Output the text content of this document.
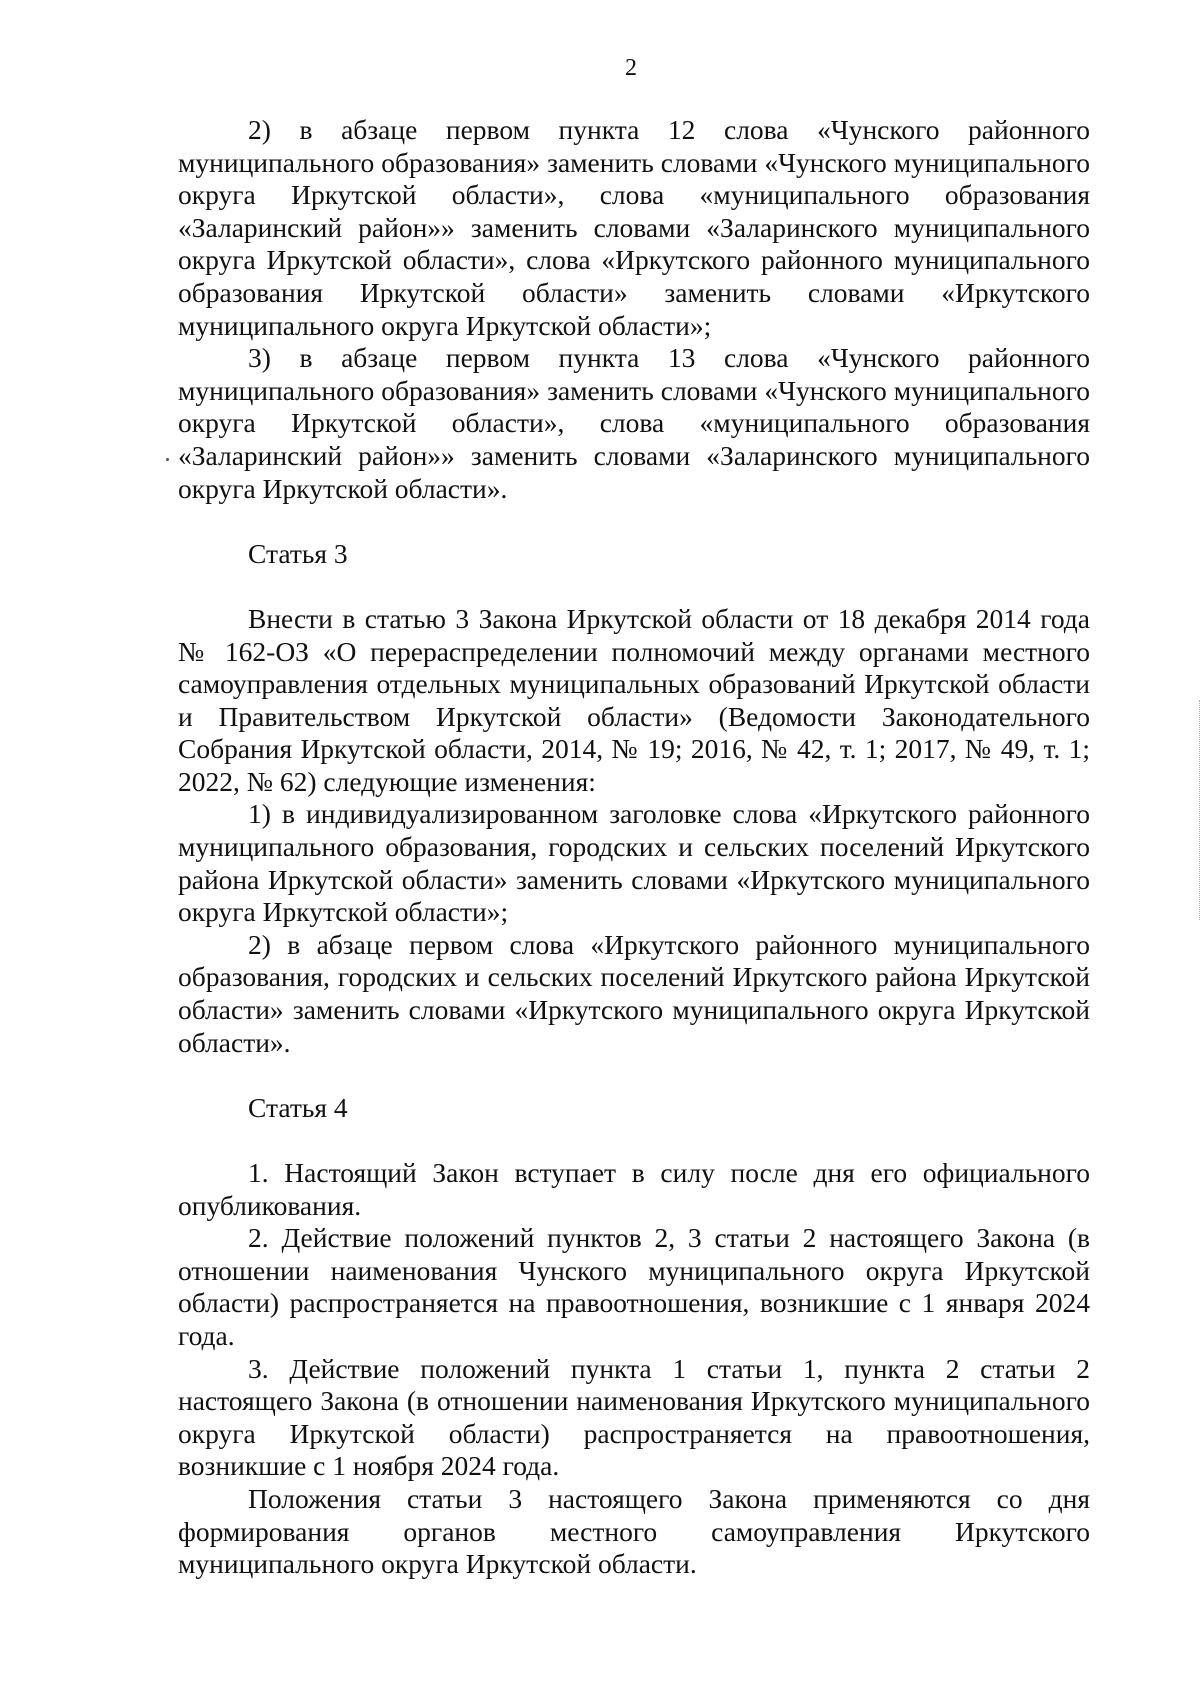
2

2) в абзаце первом пункта 12 слова «Чунского районного муниципального образования» заменить словами «Чунского муниципального округа Иркутской области», слова «муниципального образования «Заларинский район»» заменить словами «Заларинского муниципального округа Иркутской области», слова «Иркутского районного муниципального образования Иркутской области» заменить словами «Иркутского муниципального округа Иркутской области»;

3) в абзаце первом пункта 13 слова «Чунского районного муниципального образования» заменить словами «Чунского муниципального округа Иркутской области», слова «муниципального образования «Заларинский район»» заменить словами «Заларинского муниципального округа Иркутской области».

Статья 3

Внести в статью 3 Закона Иркутской области от 18 декабря 2014 года № 162-ОЗ «О перераспределении полномочий между органами местного самоуправления отдельных муниципальных образований Иркутской области и Правительством Иркутской области» (Ведомости Законодательного Собрания Иркутской области, 2014, № 19; 2016, № 42, т. 1; 2017, № 49, т. 1; 2022, № 62) следующие изменения:

1) в индивидуализированном заголовке слова «Иркутского районного муниципального образования, городских и сельских поселений Иркутского района Иркутской области» заменить словами «Иркутского муниципального округа Иркутской области»;

2) в абзаце первом слова «Иркутского районного муниципального образования, городских и сельских поселений Иркутского района Иркутской области» заменить словами «Иркутского муниципального округа Иркутской области».

Статья 4

1. Настоящий Закон вступает в силу после дня его официального опубликования.

2. Действие положений пунктов 2, 3 статьи 2 настоящего Закона (в отношении наименования Чунского муниципального округа Иркутской области) распространяется на правоотношения, возникшие с 1 января 2024 года.

3. Действие положений пункта 1 статьи 1, пункта 2 статьи 2 настоящего Закона (в отношении наименования Иркутского муниципального округа Иркутской области) распространяется на правоотношения, возникшие с 1 ноября 2024 года.

Положения статьи 3 настоящего Закона применяются со дня формирования органов местного самоуправления Иркутского муниципального округа Иркутской области.
